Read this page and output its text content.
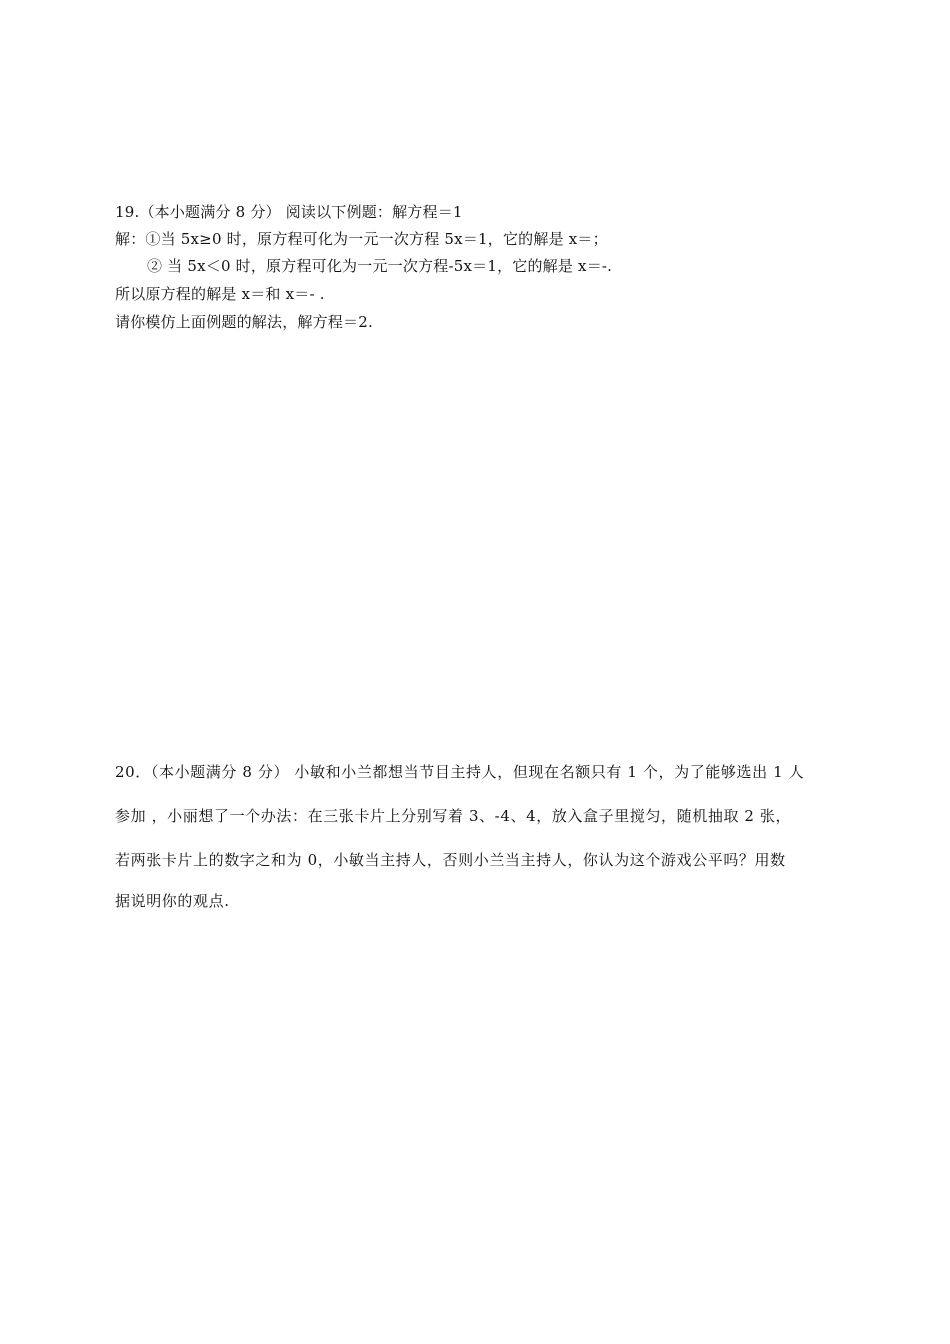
19.（本小题满分 8 分） 阅读以下例题：解方程＝1
解：①当 5x≥0 时，原方程可化为一元一次方程 5x＝1，它的解是 x＝；
② 当 5x＜0 时，原方程可化为一元一次方程-5x＝1，它的解是 x＝-.
所以原方程的解是 x＝和 x＝- .
请你模仿上面例题的解法，解方程＝2.
20．（本小题满分 8 分） 小敏和小兰都想当节目主持人，但现在名额只有 1 个，为了能够选出 1 人
参加 ，小丽想了一个办法：在三张卡片上分别写着 3、-4、4，放入盒子里搅匀，随机抽取 2 张，
若两张卡片上的数字之和为 0，小敏当主持人，否则小兰当主持人，你认为这个游戏公平吗？用数
据说明你的观点.
